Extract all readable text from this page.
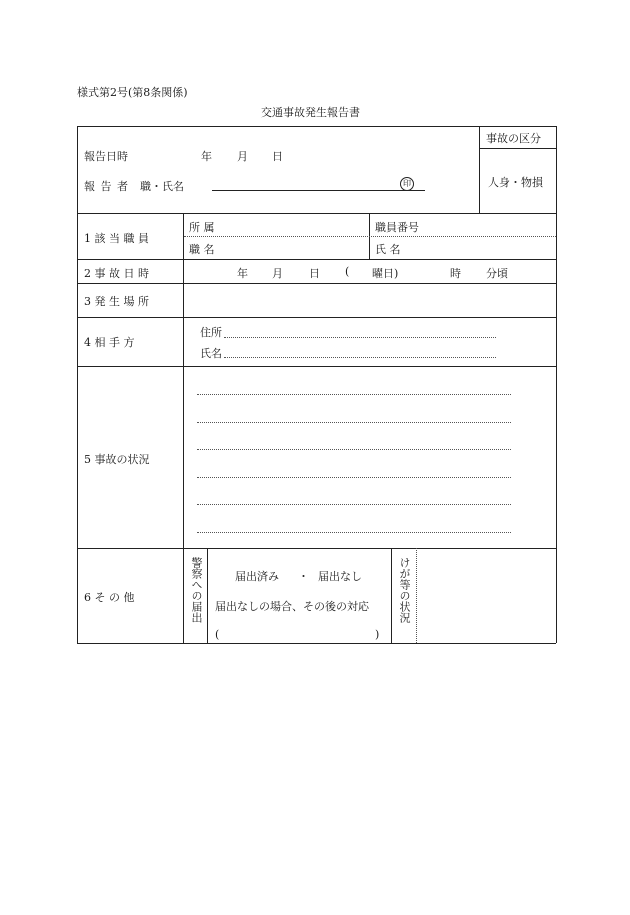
様式第2号(第8条関係)
交通事故発生報告書
報告日時	年 月 日
報 告 者 職・氏名	印
事故の区分
人身・物損
1 該 当 職 員
所 属	職員番号
職 名	氏 名
2 事 故 日 時	年 月 日 ( 曜日)	時 分頃
3 発 生 場 所
4 相 手 方
住所
氏名
5 事故の状況
6 そ の 他	警察への届出	届出済み ・ 届出なし
届出なしの場合、その後の対応
(	)
けが等の状況
